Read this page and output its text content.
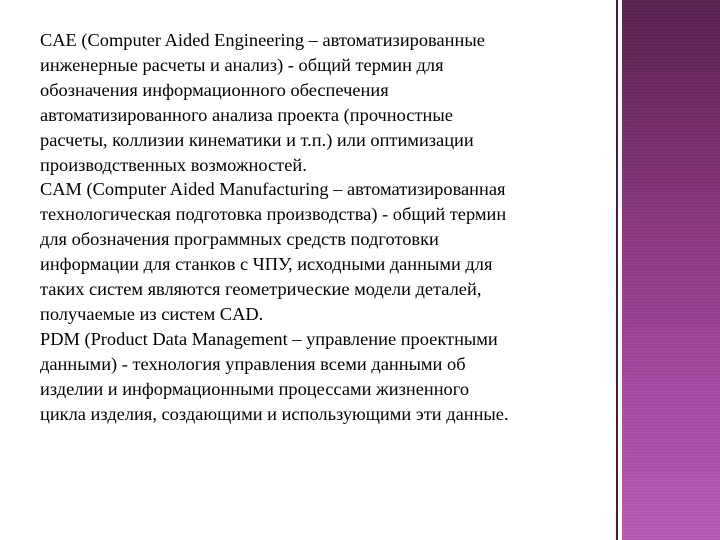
CAE (Computer Aided Engineering – автоматизированные
инженерные расчеты и анализ) - общий термин для
обозначения информационного обеспечения
автоматизированного анализа проекта (прочностные
расчеты, коллизии кинематики и т.п.) или оптимизации
производственных возможностей.
CAM (Computer Aided Manufacturing – автоматизированная
технологическая подготовка производства) - общий термин
для обозначения программных средств подготовки
информации для станков с ЧПУ, исходными данными для
таких систем являются геометрические модели деталей,
получаемые из систем CAD.
PDM (Product Data Management – управление проектными
данными) - технология управления всеми данными об
изделии и информационными процессами жизненного
цикла изделия, создающими и использующими эти данные.
